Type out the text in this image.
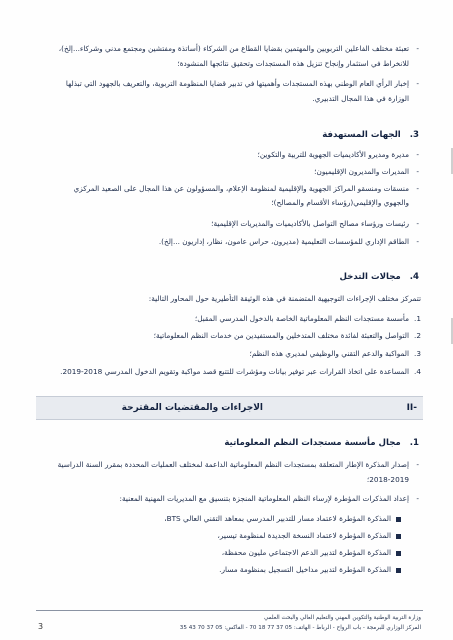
-
تعبئة مختلف الفاعلين التربويين والمهتمين بقضايا القطاع من الشركاء (أساتذة ومفتشين ومجتمع مدني وشركاء...إلخ)،
للانخراط في استثمار وإنجاح تنزيل هذه المستجدات وتحقيق نتائجها المنشودة؛
-
إخبار الرأي العام الوطني بهذه المستجدات وأهميتها في تدبير قضايا المنظومة التربوية، والتعريف بالجهود التي تبذلها
الوزارة في هذا المجال التدبيري.
3. الجهات المستهدفة
-
مديرة ومديرو الأكاديميات الجهوية للتربية والتكوين؛
-
المديرات والمديرون الإقليميون؛
-
منسقات ومنسقو المراكز الجهوية والإقليمية لمنظومة الإعلام، والمسؤولون عن هذا المجال على الصعيد المركزي
والجهوي والإقليمي(رؤساء الأقسام والمصالح)؛
-
رئيسات ورؤساء مصالح التواصل بالأكاديميات والمديريات الإقليمية؛
-
الطاقم الإداري للمؤسسات التعليمية (مديرون، حراس عامون، نظار، إداريون ...إلخ).
4. مجالات التدخل
تتمركز مختلف الإجراءات التوجيهية المتضمنة في هذه الوثيقة التأطيرية حول المحاور التالية:
1.
مأسسة مستجدات النظم المعلوماتية الخاصة بالدخول المدرسي المقبل؛
2.
التواصل والتعبئة لفائدة مختلف المتدخلين والمستفيدين من خدمات النظم المعلوماتية؛
3.
المواكبة والدعم التقني والوظيفي لمديري هذه النظم؛
4.
المساعدة على اتخاذ القرارات عبر توفير بيانات ومؤشرات للتتبع قصد مواكبة وتقويم الدخول المدرسي 2018-2019.
II-
الاجراءات والمقتضيات المقترحة
1. مجال مأسسة مستجدات النظم المعلوماتية
-
إصدار المذكرة الإطار المتعلقة بمستجدات النظم المعلوماتية الداعمة لمختلف العمليات المحددة بمقرر السنة الدراسية
2018-2019؛
-
إعداد المذكرات المؤطرة لإرساء النظم المعلوماتية المنجزة بتنسيق مع المديريات المهنية المعنية:
المذكرة المؤطرة لاعتماد مسار للتدبير المدرسي بمعاهد التقني العالي BTS،
المذكرة المؤطرة لاعتماد النسخة الجديدة لمنظومة تيسير،
المذكرة المؤطرة لتدبير الدعم الاجتماعي مليون محفظة،
المذكرة المؤطرة لتدبير مداخيل التسجيل بمنظومة مسار.
وزارة التربية الوطنية والتكوين المهني والتعليم العالي والبحث العلمي
المركز الوزاري للبرمجة - باب الرواح - الرباط - الهاتف: 05 37 77 18 70 - الفاكس: 05 37 70 43 35
3
